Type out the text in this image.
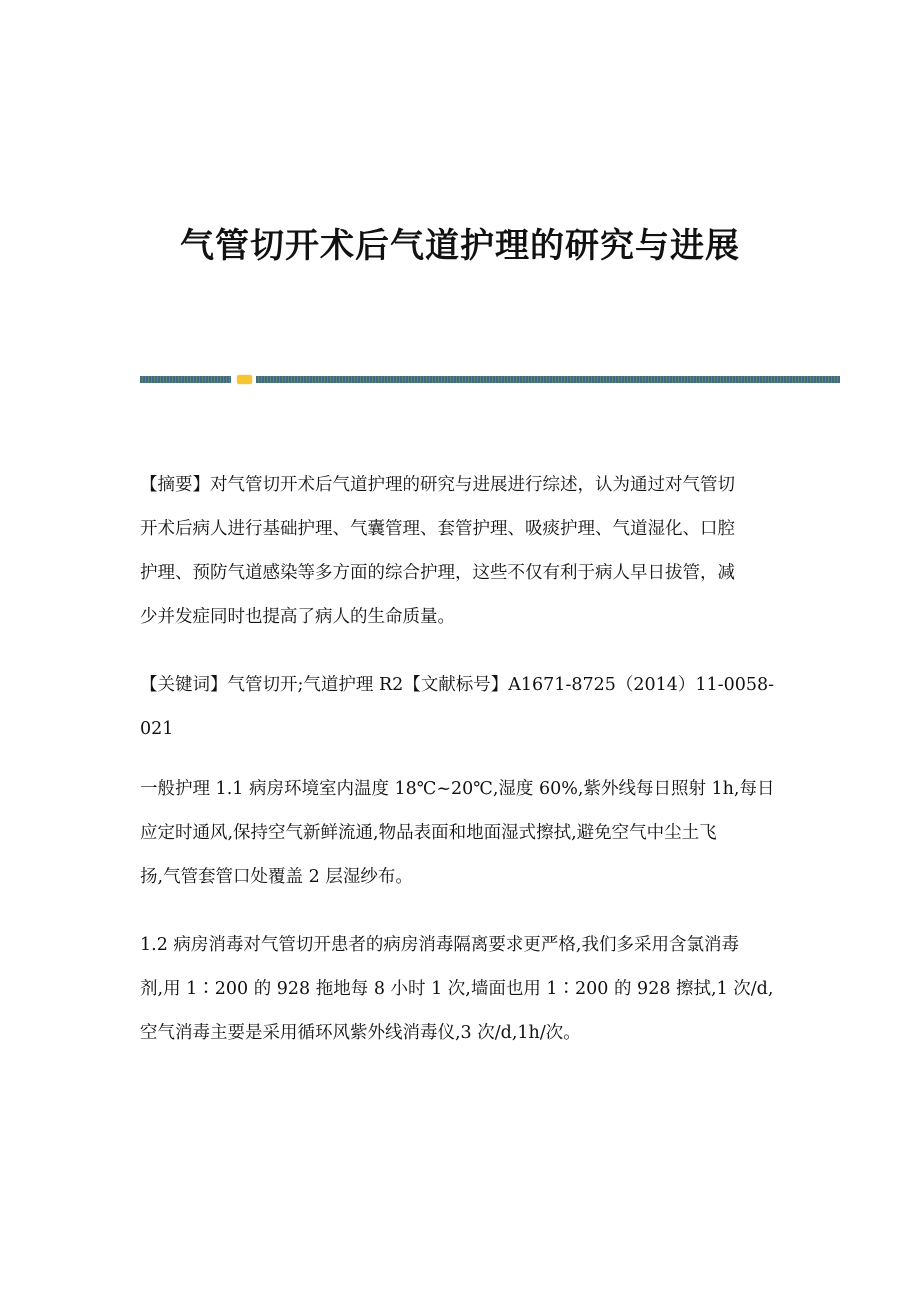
气管切开术后气道护理的研究与进展
【摘要】对气管切开术后气道护理的研究与进展进行综述，认为通过对气管切
开术后病人进行基础护理、气囊管理、套管护理、吸痰护理、气道湿化、口腔
护理、预防气道感染等多方面的综合护理，这些不仅有利于病人早日拔管，减
少并发症同时也提高了病人的生命质量。
【关键词】气管切开;气道护理 R2【文献标号】A1671-8725（2014）11-0058-
021
一般护理 1.1 病房环境室内温度 18℃~20℃,湿度 60%,紫外线每日照射 1h,每日
应定时通风,保持空气新鲜流通,物品表面和地面湿式擦拭,避免空气中尘土飞
扬,气管套管口处覆盖 2 层湿纱布。
1.2 病房消毒对气管切开患者的病房消毒隔离要求更严格,我们多采用含氯消毒
剂,用 1∶200 的 928 拖地每 8 小时 1 次,墙面也用 1∶200 的 928 擦拭,1 次/d,
空气消毒主要是采用循环风紫外线消毒仪,3 次/d,1h/次。
